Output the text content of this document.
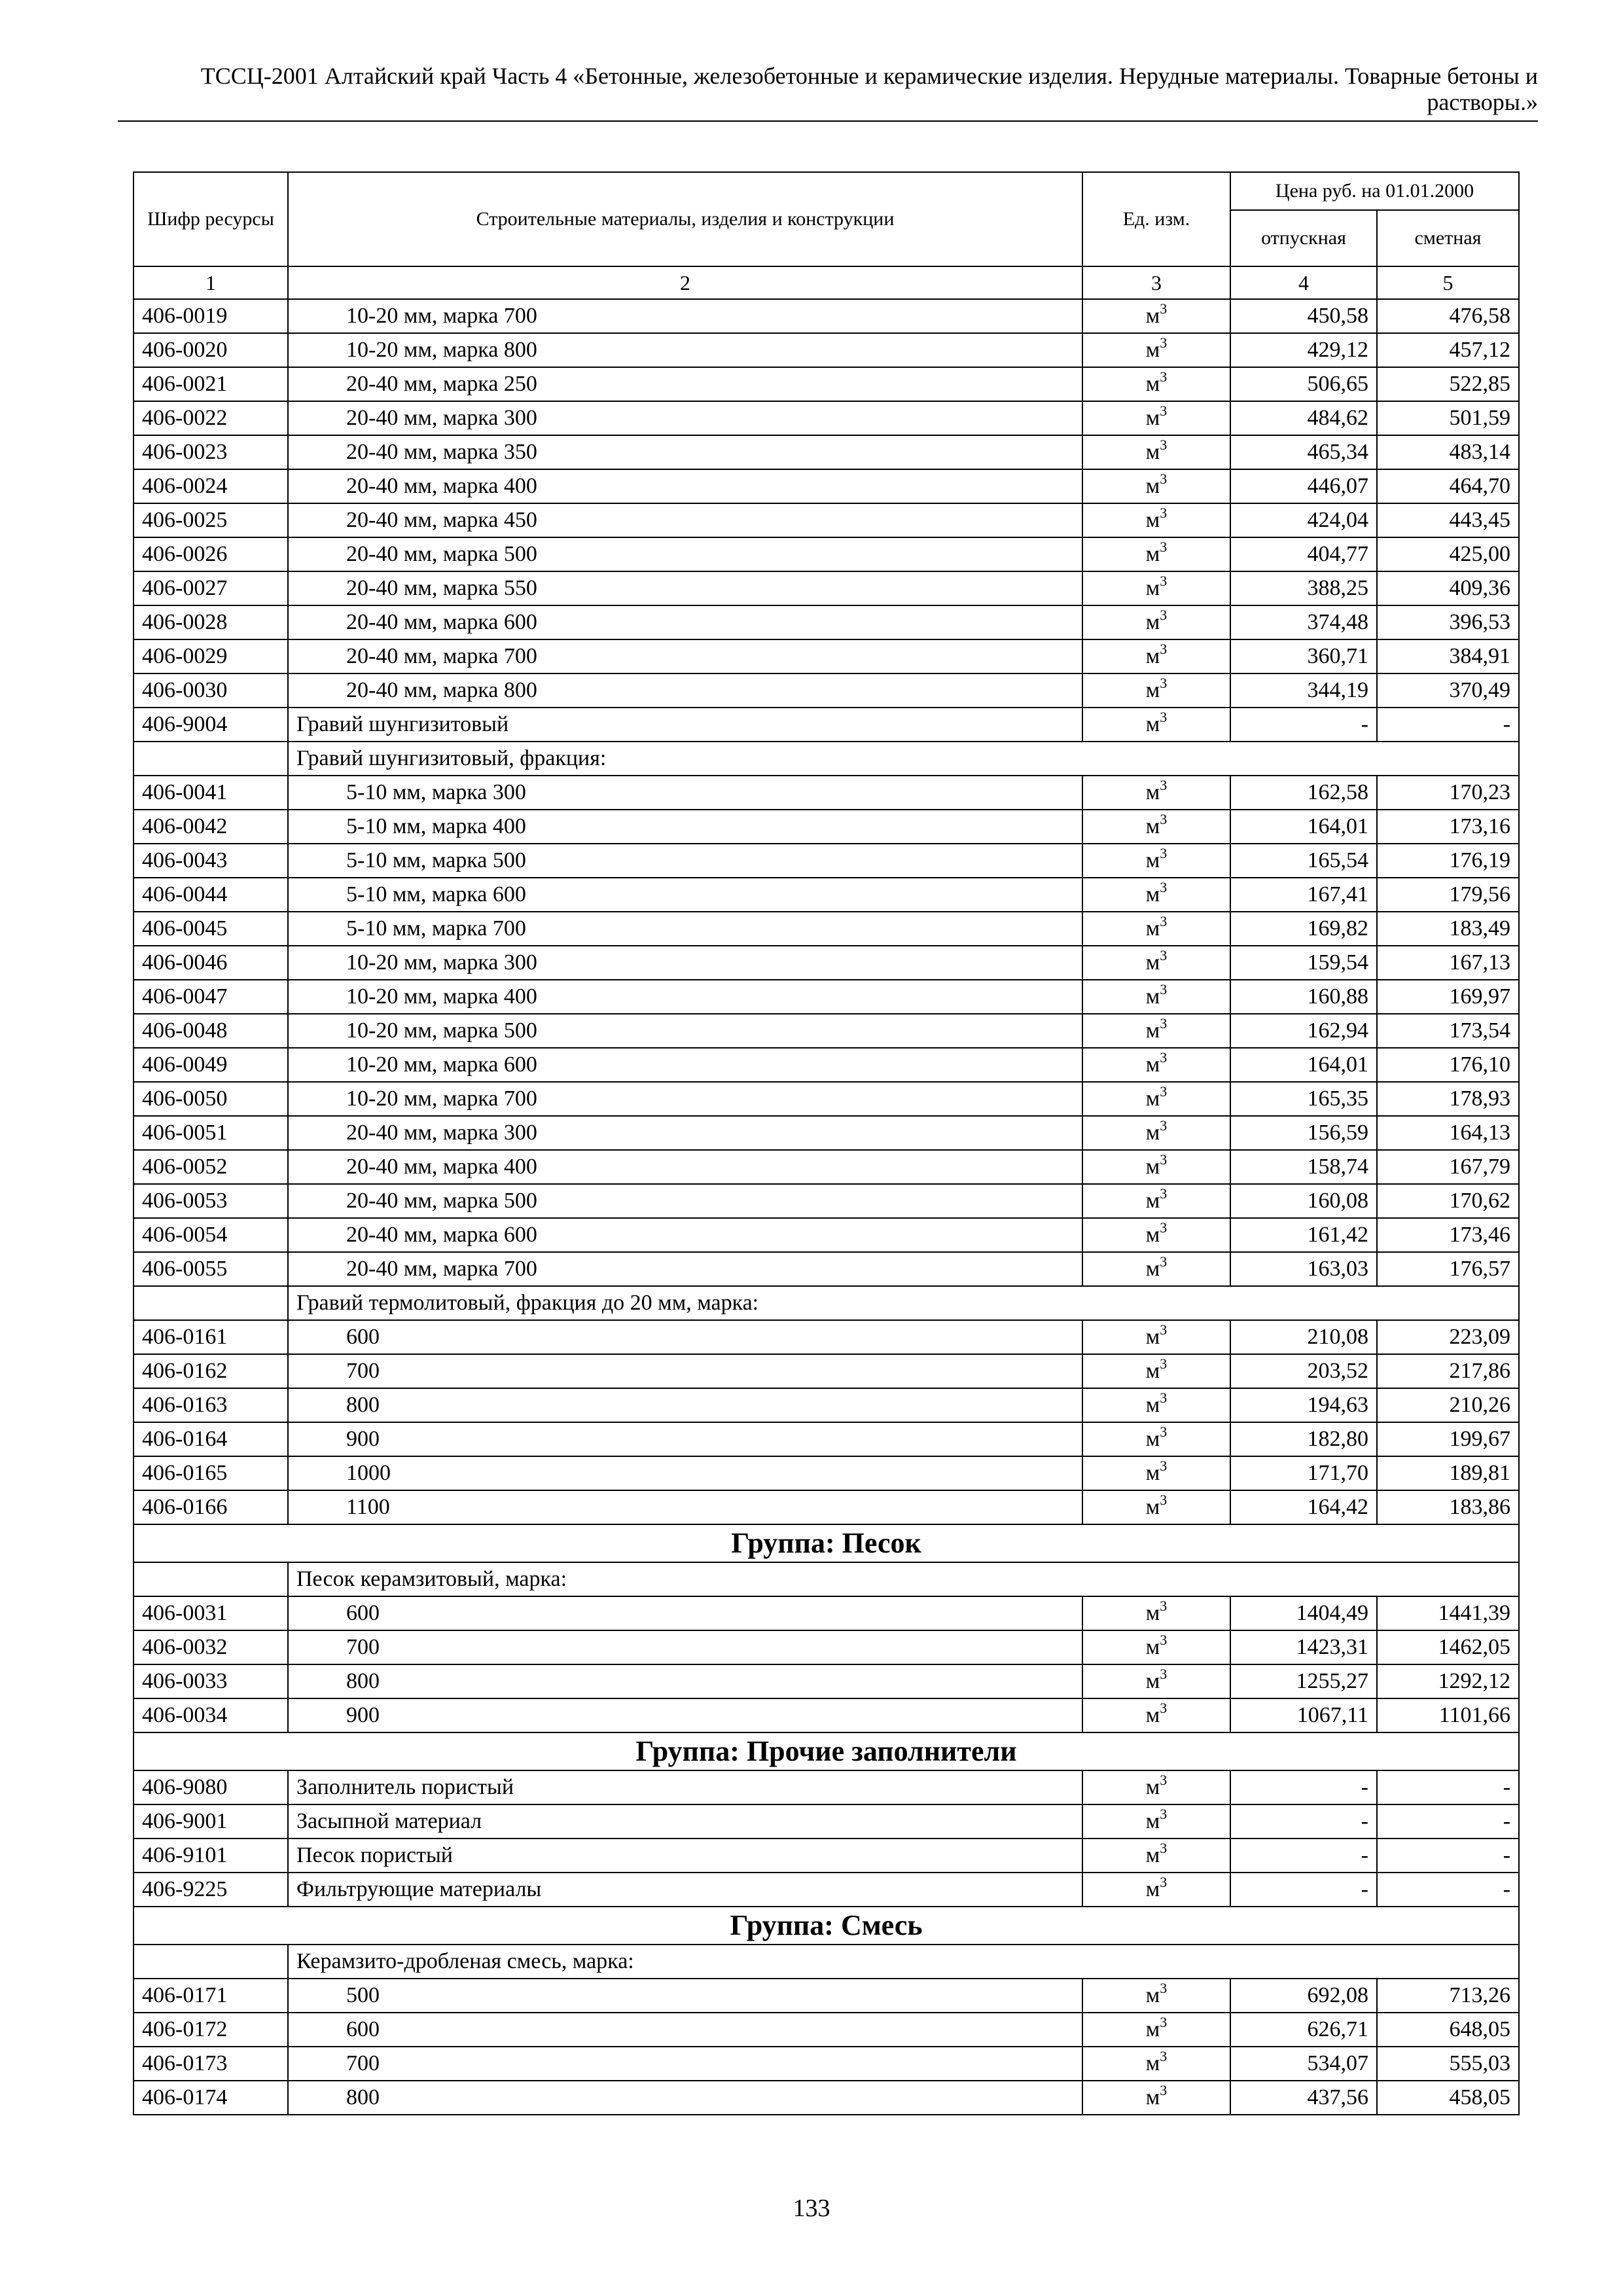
ТССЦ-2001 Алтайский край Часть 4 «Бетонные, железобетонные и керамические изделия. Нерудные материалы. Товарные бетоны и
растворы.»
Шифр ресурсы	Строительные материалы, изделия и конструкции	Ед. изм.	Цена руб. на 01.01.2000	
			отпускная	сметная
1	2	3	4	5
406-0019	10-20 мм, марка 700	$м^3$	450,58	476,58
406-0020	10-20 мм, марка 800	$м^3$	429,12	457,12
406-0021	20-40 мм, марка 250	$м^3$	506,65	522,85
406-0022	20-40 мм, марка 300	$м^3$	484,62	501,59
406-0023	20-40 мм, марка 350	$м^3$	465,34	483,14
406-0024	20-40 мм, марка 400	$м^3$	446,07	464,70
406-0025	20-40 мм, марка 450	$м^3$	424,04	443,45
406-0026	20-40 мм, марка 500	$м^3$	404,77	425,00
406-0027	20-40 мм, марка 550	$м^3$	388,25	409,36
406-0028	20-40 мм, марка 600	$м^3$	374,48	396,53
406-0029	20-40 мм, марка 700	$м^3$	360,71	384,91
406-0030	20-40 мм, марка 800	$м^3$	344,19	370,49
406-9004	Гравий шунгизитовый	$м^3$	-	-
	Гравий шунгизитовый, фракция:			
406-0041	5-10 мм, марка 300	$м^3$	162,58	170,23
406-0042	5-10 мм, марка 400	$м^3$	164,01	173,16
406-0043	5-10 мм, марка 500	$м^3$	165,54	176,19
406-0044	5-10 мм, марка 600	$м^3$	167,41	179,56
406-0045	5-10 мм, марка 700	$м^3$	169,82	183,49
406-0046	10-20 мм, марка 300	$м^3$	159,54	167,13
406-0047	10-20 мм, марка 400	$м^3$	160,88	169,97
406-0048	10-20 мм, марка 500	$м^3$	162,94	173,54
406-0049	10-20 мм, марка 600	$м^3$	164,01	176,10
406-0050	10-20 мм, марка 700	$м^3$	165,35	178,93
406-0051	20-40 мм, марка 300	$м^3$	156,59	164,13
406-0052	20-40 мм, марка 400	$м^3$	158,74	167,79
406-0053	20-40 мм, марка 500	$м^3$	160,08	170,62
406-0054	20-40 мм, марка 600	$м^3$	161,42	173,46
406-0055	20-40 мм, марка 700	$м^3$	163,03	176,57
	Гравий термолитовый, фракция до 20 мм, марка:			
406-0161	600	$м^3$	210,08	223,09
406-0162	700	$м^3$	203,52	217,86
406-0163	800	$м^3$	194,63	210,26
406-0164	900	$м^3$	182,80	199,67
406-0165	1000	$м^3$	171,70	189,81
406-0166	1100	$м^3$	164,42	183,86
Группа: Песок				
	Песок керамзитовый, марка:			
406-0031	600	$м^3$	1404,49	1441,39
406-0032	700	$м^3$	1423,31	1462,05
406-0033	800	$м^3$	1255,27	1292,12
406-0034	900	$м^3$	1067,11	1101,66
Группа: Прочие заполнители				
406-9080	Заполнитель пористый	$м^3$	-	-
406-9001	Засыпной материал	$м^3$	-	-
406-9101	Песок пористый	$м^3$	-	-
406-9225	Фильтрующие материалы	$м^3$	-	-
Группа: Смесь				
	Керамзито-дробленая смесь, марка:			
406-0171	500	$м^3$	692,08	713,26
406-0172	600	$м^3$	626,71	648,05
406-0173	700	$м^3$	534,07	555,03
406-0174	800	$м^3$	437,56	458,05
133
